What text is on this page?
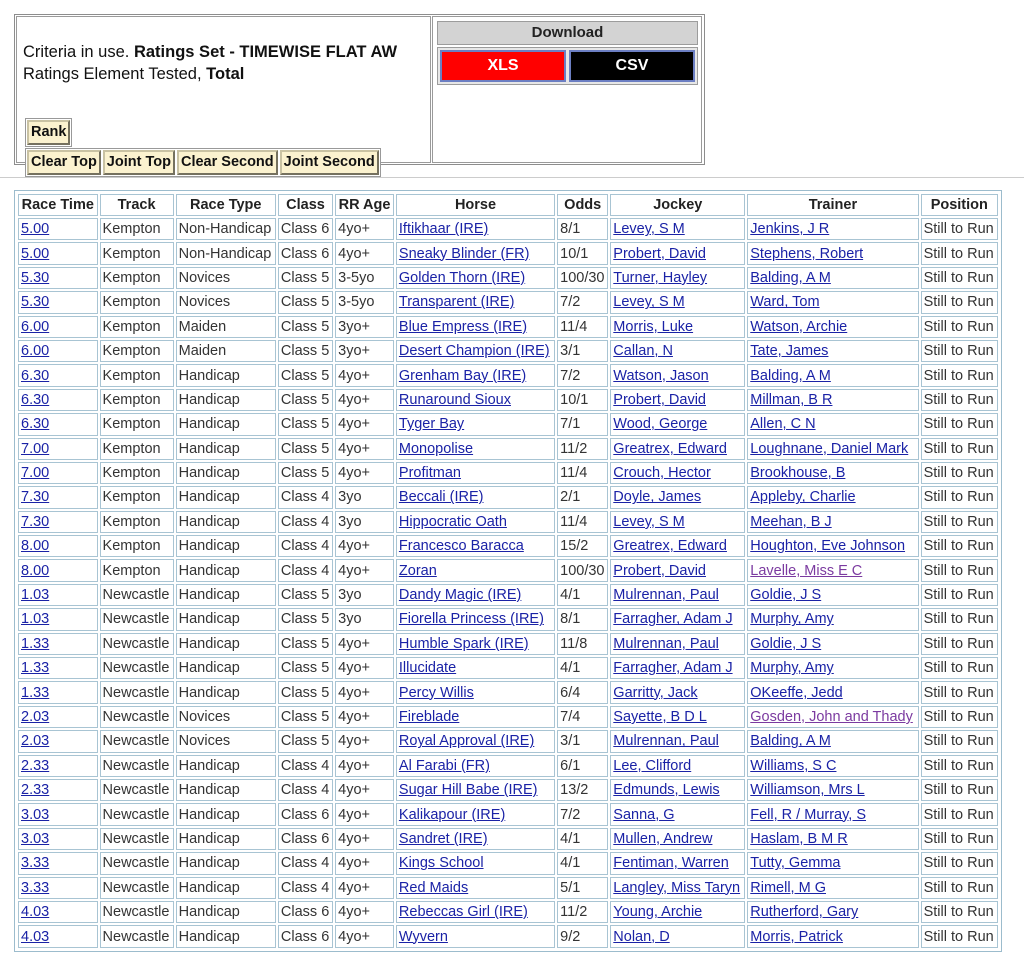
Criteria in use. Ratings Set - TIMEWISE FLAT AW
Ratings Element Tested, Total
Rank
Clear Top Joint Top Clear Second Joint Second
Download
XLS	CSV
Race Time	Track	Race Type	Class	RR Age	Horse	Odds	Jockey	Trainer	Position
5.00	Kempton	Non-Handicap	Class 6	4yo+	Iftikhaar (IRE)	8/1	Levey, S M	Jenkins, J R	Still to Run
5.00	Kempton	Non-Handicap	Class 6	4yo+	Sneaky Blinder (FR)	10/1	Probert, David	Stephens, Robert	Still to Run
5.30	Kempton	Novices	Class 5	3-5yo	Golden Thorn (IRE)	100/30	Turner, Hayley	Balding, A M	Still to Run
5.30	Kempton	Novices	Class 5	3-5yo	Transparent (IRE)	7/2	Levey, S M	Ward, Tom	Still to Run
6.00	Kempton	Maiden	Class 5	3yo+	Blue Empress (IRE)	11/4	Morris, Luke	Watson, Archie	Still to Run
6.00	Kempton	Maiden	Class 5	3yo+	Desert Champion (IRE)	3/1	Callan, N	Tate, James	Still to Run
6.30	Kempton	Handicap	Class 5	4yo+	Grenham Bay (IRE)	7/2	Watson, Jason	Balding, A M	Still to Run
6.30	Kempton	Handicap	Class 5	4yo+	Runaround Sioux	10/1	Probert, David	Millman, B R	Still to Run
6.30	Kempton	Handicap	Class 5	4yo+	Tyger Bay	7/1	Wood, George	Allen, C N	Still to Run
7.00	Kempton	Handicap	Class 5	4yo+	Monopolise	11/2	Greatrex, Edward	Loughnane, Daniel Mark	Still to Run
7.00	Kempton	Handicap	Class 5	4yo+	Profitman	11/4	Crouch, Hector	Brookhouse, B	Still to Run
7.30	Kempton	Handicap	Class 4	3yo	Beccali (IRE)	2/1	Doyle, James	Appleby, Charlie	Still to Run
7.30	Kempton	Handicap	Class 4	3yo	Hippocratic Oath	11/4	Levey, S M	Meehan, B J	Still to Run
8.00	Kempton	Handicap	Class 4	4yo+	Francesco Baracca	15/2	Greatrex, Edward	Houghton, Eve Johnson	Still to Run
8.00	Kempton	Handicap	Class 4	4yo+	Zoran	100/30	Probert, David	Lavelle, Miss E C	Still to Run
1.03	Newcastle	Handicap	Class 5	3yo	Dandy Magic (IRE)	4/1	Mulrennan, Paul	Goldie, J S	Still to Run
1.03	Newcastle	Handicap	Class 5	3yo	Fiorella Princess (IRE)	8/1	Farragher, Adam J	Murphy, Amy	Still to Run
1.33	Newcastle	Handicap	Class 5	4yo+	Humble Spark (IRE)	11/8	Mulrennan, Paul	Goldie, J S	Still to Run
1.33	Newcastle	Handicap	Class 5	4yo+	Illucidate	4/1	Farragher, Adam J	Murphy, Amy	Still to Run
1.33	Newcastle	Handicap	Class 5	4yo+	Percy Willis	6/4	Garritty, Jack	OKeeffe, Jedd	Still to Run
2.03	Newcastle	Novices	Class 5	4yo+	Fireblade	7/4	Sayette, B D L	Gosden, John and Thady	Still to Run
2.03	Newcastle	Novices	Class 5	4yo+	Royal Approval (IRE)	3/1	Mulrennan, Paul	Balding, A M	Still to Run
2.33	Newcastle	Handicap	Class 4	4yo+	Al Farabi (FR)	6/1	Lee, Clifford	Williams, S C	Still to Run
2.33	Newcastle	Handicap	Class 4	4yo+	Sugar Hill Babe (IRE)	13/2	Edmunds, Lewis	Williamson, Mrs L	Still to Run
3.03	Newcastle	Handicap	Class 6	4yo+	Kalikapour (IRE)	7/2	Sanna, G	Fell, R / Murray, S	Still to Run
3.03	Newcastle	Handicap	Class 6	4yo+	Sandret (IRE)	4/1	Mullen, Andrew	Haslam, B M R	Still to Run
3.33	Newcastle	Handicap	Class 4	4yo+	Kings School	4/1	Fentiman, Warren	Tutty, Gemma	Still to Run
3.33	Newcastle	Handicap	Class 4	4yo+	Red Maids	5/1	Langley, Miss Taryn	Rimell, M G	Still to Run
4.03	Newcastle	Handicap	Class 6	4yo+	Rebeccas Girl (IRE)	11/2	Young, Archie	Rutherford, Gary	Still to Run
4.03	Newcastle	Handicap	Class 6	4yo+	Wyvern	9/2	Nolan, D	Morris, Patrick	Still to Run
